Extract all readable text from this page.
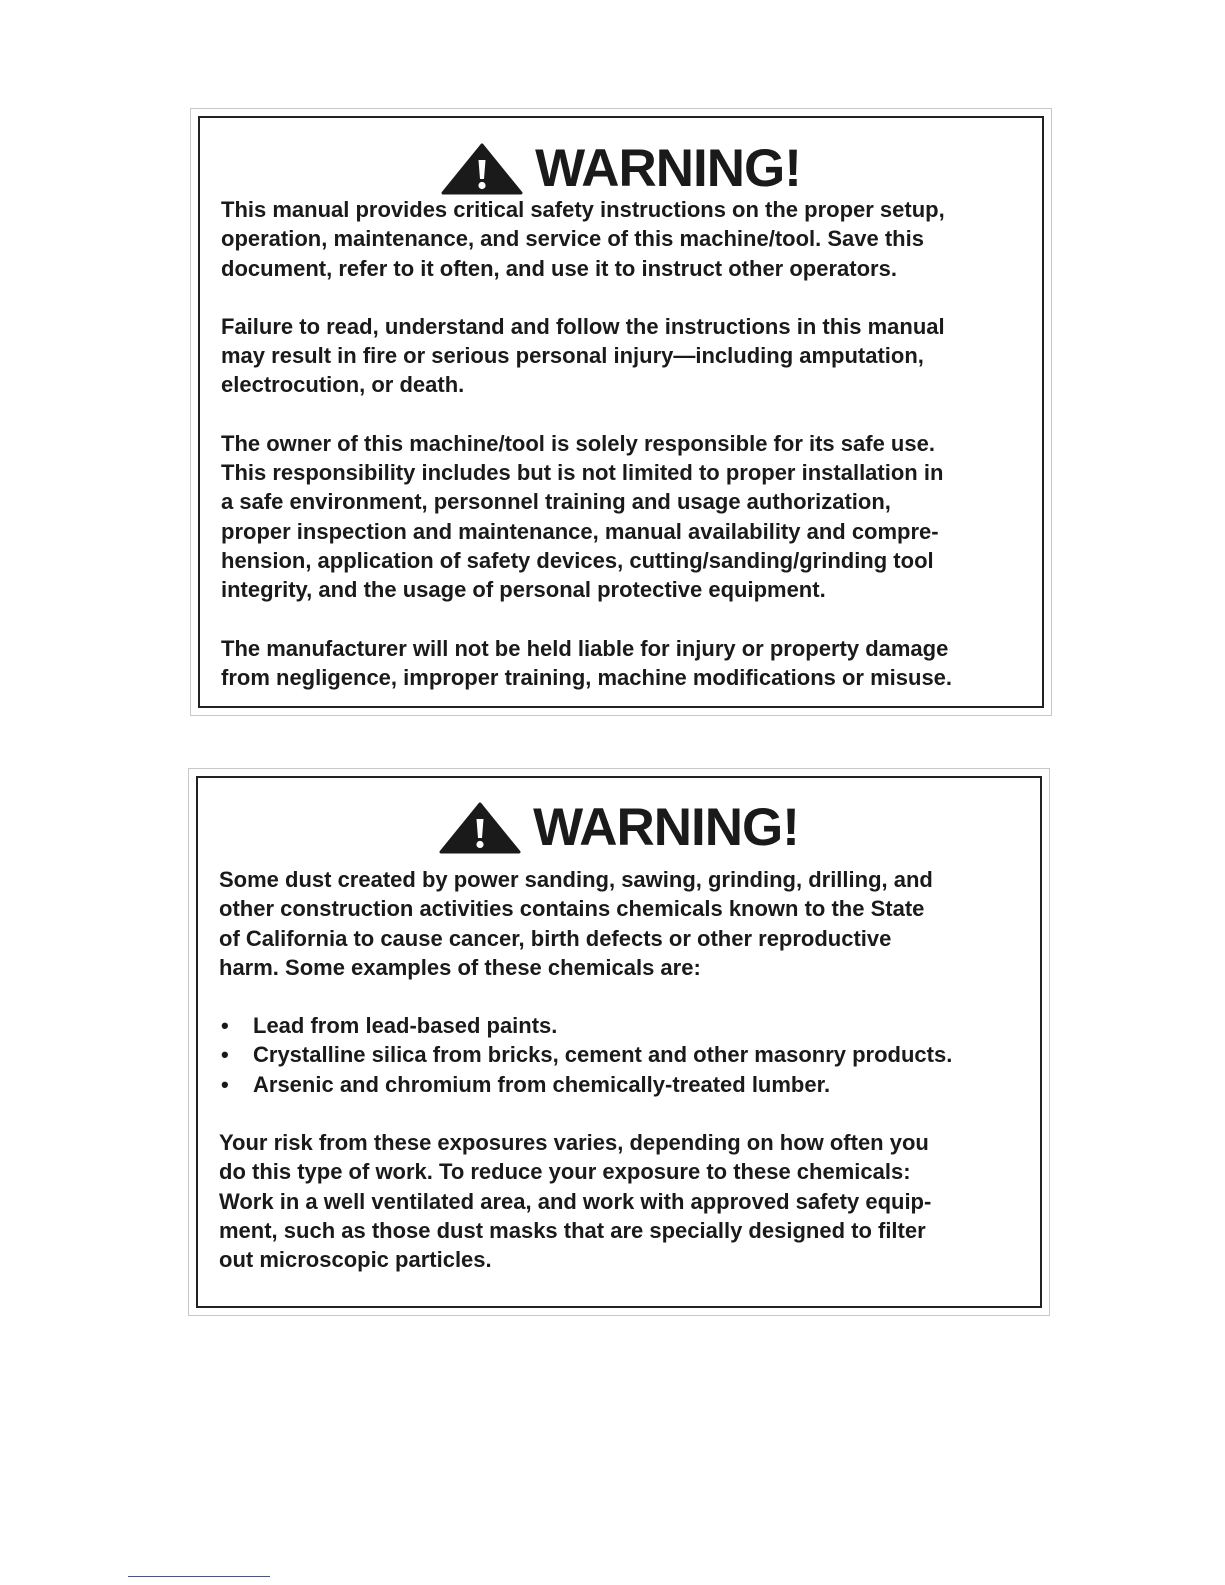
WARNING!

This manual provides critical safety instructions on the proper setup,
operation, maintenance, and service of this machine/tool. Save this
document, refer to it often, and use it to instruct other operators.

Failure to read, understand and follow the instructions in this manual
may result in fire or serious personal injury—including amputation,
electrocution, or death.

The owner of this machine/tool is solely responsible for its safe use.
This responsibility includes but is not limited to proper installation in
a safe environment, personnel training and usage authorization,
proper inspection and maintenance, manual availability and compre-
hension, application of safety devices, cutting/sanding/grinding tool
integrity, and the usage of personal protective equipment.

The manufacturer will not be held liable for injury or property damage
from negligence, improper training, machine modifications or misuse.

WARNING!

Some dust created by power sanding, sawing, grinding, drilling, and
other construction activities contains chemicals known to the State
of California to cause cancer, birth defects or other reproductive
harm. Some examples of these chemicals are:

• Lead from lead-based paints.
• Crystalline silica from bricks, cement and other masonry products.
• Arsenic and chromium from chemically-treated lumber.

Your risk from these exposures varies, depending on how often you
do this type of work. To reduce your exposure to these chemicals:
Work in a well ventilated area, and work with approved safety equip-
ment, such as those dust masks that are specially designed to filter
out microscopic particles.
